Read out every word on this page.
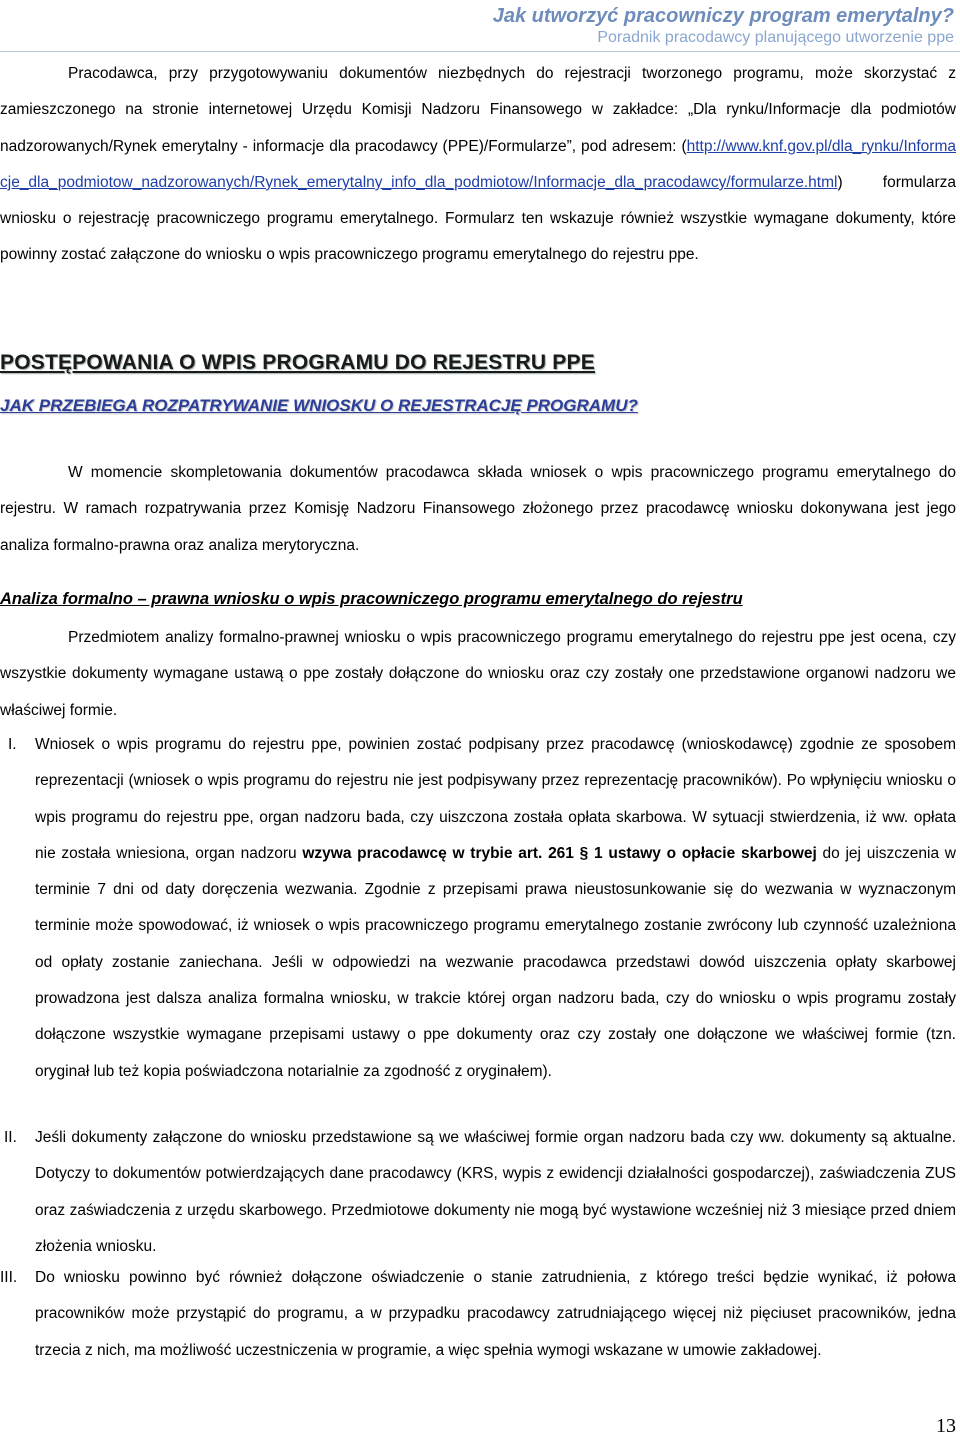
Jak utworzyć pracowniczy program emerytalny?
Poradnik pracodawcy planującego utworzenie ppe
Pracodawca, przy przygotowywaniu dokumentów niezbędnych do rejestracji tworzonego programu, może skorzystać z zamieszczonego na stronie internetowej Urzędu Komisji Nadzoru Finansowego w zakładce: „Dla rynku/Informacje dla podmiotów nadzorowanych/Rynek emerytalny - informacje dla pracodawcy (PPE)/Formularze”, pod adresem: (http://www.knf.gov.pl/dla_rynku/Informacje_dla_podmiotow_nadzorowanych/Rynek_emerytalny_info_dla_podmiotow/Informacje_dla_pracodawcy/formularze.html) formularza wniosku o rejestrację pracowniczego programu emerytalnego. Formularz ten wskazuje również wszystkie wymagane dokumenty, które powinny zostać załączone do wniosku o wpis pracowniczego programu emerytalnego do rejestru ppe.
POSTĘPOWANIA O WPIS PROGRAMU DO REJESTRU PPE
JAK PRZEBIEGA ROZPATRYWANIE WNIOSKU O REJESTRACJĘ PROGRAMU?
W momencie skompletowania dokumentów pracodawca składa wniosek o wpis pracowniczego programu emerytalnego do rejestru. W ramach rozpatrywania przez Komisję Nadzoru Finansowego złożonego przez pracodawcę wniosku dokonywana jest jego analiza formalno-prawna oraz analiza merytoryczna.
Analiza formalno – prawna wniosku o wpis pracowniczego programu emerytalnego do rejestru
Przedmiotem analizy formalno-prawnej wniosku o wpis pracowniczego programu emerytalnego do rejestru ppe jest ocena, czy wszystkie dokumenty wymagane ustawą o ppe zostały dołączone do wniosku oraz czy zostały one przedstawione organowi nadzoru we właściwej formie.
I.	Wniosek o wpis programu do rejestru ppe, powinien zostać podpisany przez pracodawcę (wnioskodawcę) zgodnie ze sposobem reprezentacji (wniosek o wpis programu do rejestru nie jest podpisywany przez reprezentację pracowników). Po wpłynięciu wniosku o wpis programu do rejestru ppe, organ nadzoru bada, czy uiszczona została opłata skarbowa. W sytuacji stwierdzenia, iż ww. opłata nie została wniesiona, organ nadzoru wzywa pracodawcę w trybie art. 261 § 1 ustawy o opłacie skarbowej do jej uiszczenia w terminie 7 dni od daty doręczenia wezwania. Zgodnie z przepisami prawa nieustosunkowanie się do wezwania w wyznaczonym terminie może spowodować, iż wniosek o wpis pracowniczego programu emerytalnego zostanie zwrócony lub czynność uzależniona od opłaty zostanie zaniechana. Jeśli w odpowiedzi na wezwanie pracodawca przedstawi dowód uiszczenia opłaty skarbowej prowadzona jest dalsza analiza formalna wniosku, w trakcie której organ nadzoru bada, czy do wniosku o wpis programu zostały dołączone wszystkie wymagane przepisami ustawy o ppe dokumenty oraz czy zostały one dołączone we właściwej formie (tzn. oryginał lub też kopia poświadczona notarialnie za zgodność z oryginałem).
II.	Jeśli dokumenty załączone do wniosku przedstawione są we właściwej formie organ nadzoru bada czy ww. dokumenty są aktualne. Dotyczy to dokumentów potwierdzających dane pracodawcy (KRS, wypis z ewidencji działalności gospodarczej), zaświadczenia ZUS oraz zaświadczenia z urzędu skarbowego. Przedmiotowe dokumenty nie mogą być wystawione wcześniej niż 3 miesiące przed dniem złożenia wniosku.
III.	Do wniosku powinno być również dołączone oświadczenie o stanie zatrudnienia, z którego treści będzie wynikać, iż połowa pracowników może przystąpić do programu, a w przypadku pracodawcy zatrudniającego więcej niż pięciuset pracowników, jedna trzecia z nich, ma możliwość uczestniczenia w programie, a więc spełnia wymogi wskazane w umowie zakładowej.
13
